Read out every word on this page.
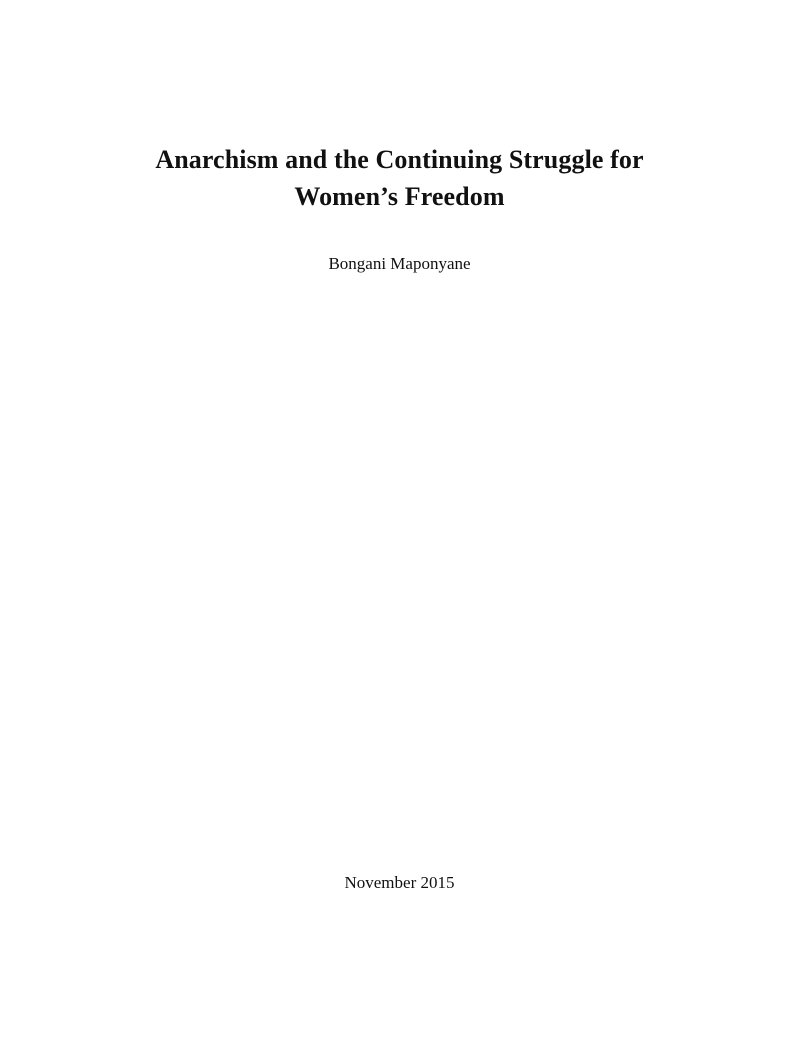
Anarchism and the Continuing Struggle for
Women’s Freedom
Bongani Maponyane
November 2015
